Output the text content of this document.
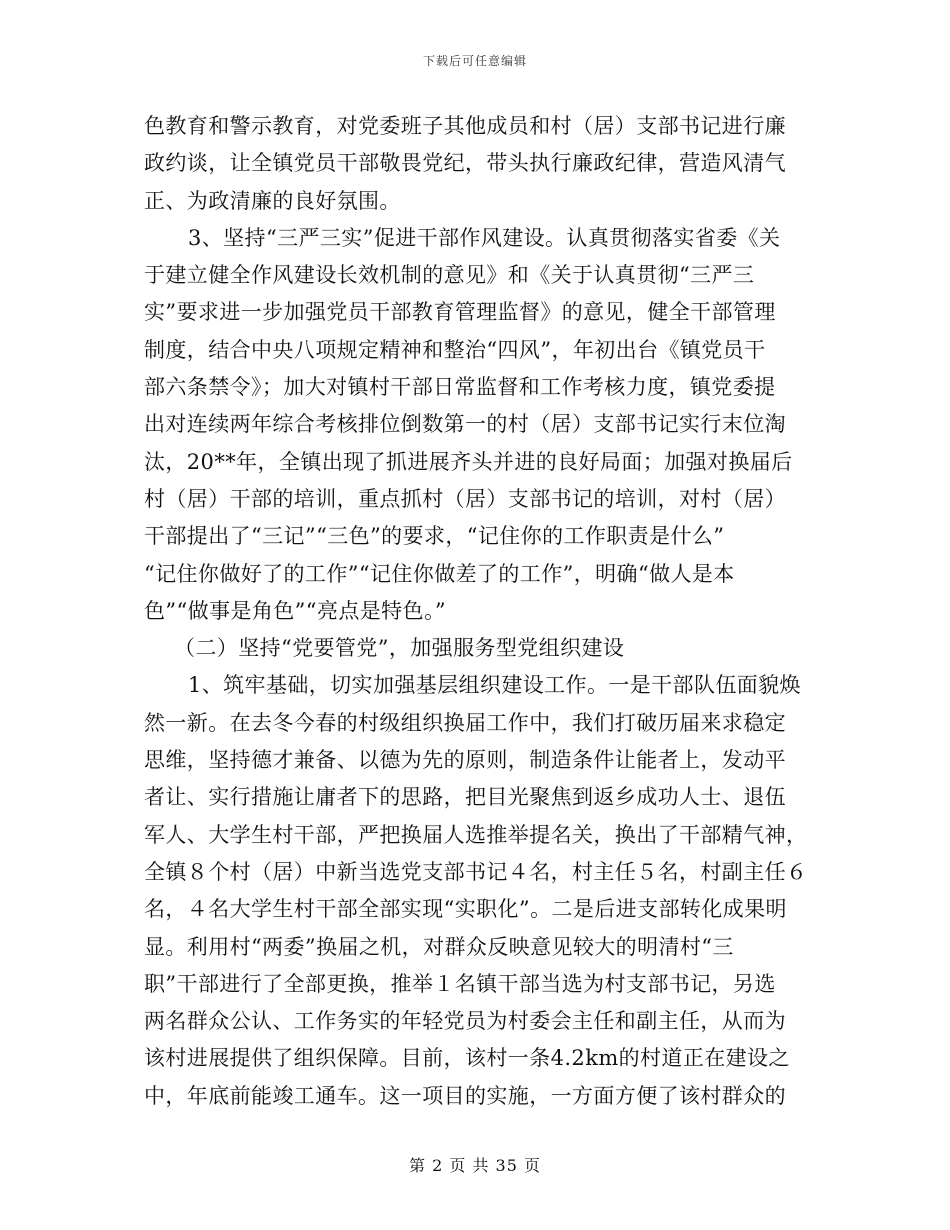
下载后可任意编辑
色教育和警示教育，对党委班子其他成员和村（居）支部书记进行廉
政约谈，让全镇党员干部敬畏党纪，带头执行廉政纪律，营造风清气
正、为政清廉的良好氛围。
3、坚持“三严三实”促进干部作风建设。认真贯彻落实省委《关
于建立健全作风建设长效机制的意见》和《关于认真贯彻“三严三
实”要求进一步加强党员干部教育管理监督》的意见，健全干部管理
制度，结合中央八项规定精神和整治“四风”，年初出台《镇党员干
部六条禁令》；加大对镇村干部日常监督和工作考核力度，镇党委提
出对连续两年综合考核排位倒数第一的村（居）支部书记实行末位淘
汰，20**年，全镇出现了抓进展齐头并进的良好局面；加强对换届后
村（居）干部的培训，重点抓村（居）支部书记的培训，对村（居）
干部提出了“三记”“三色”的要求，“记住你的工作职责是什么”
“记住你做好了的工作”“记住你做差了的工作”，明确“做人是本
色”“做事是角色”“亮点是特色。”
（二）坚持“党要管党”，加强服务型党组织建设
1、筑牢基础，切实加强基层组织建设工作。一是干部队伍面貌焕
然一新。在去冬今春的村级组织换届工作中，我们打破历届来求稳定
思维，坚持德才兼备、以德为先的原则，制造条件让能者上，发动平
者让、实行措施让庸者下的思路，把目光聚焦到返乡成功人士、退伍
军人、大学生村干部，严把换届人选推举提名关，换出了干部精气神，
全镇８个村（居）中新当选党支部书记４名，村主任５名，村副主任６
名，４名大学生村干部全部实现“实职化”。二是后进支部转化成果明
显。利用村“两委”换届之机，对群众反映意见较大的明清村“三
职”干部进行了全部更换，推举１名镇干部当选为村支部书记，另选
两名群众公认、工作务实的年轻党员为村委会主任和副主任，从而为
该村进展提供了组织保障。目前，该村一条4.2km的村道正在建设之
中，年底前能竣工通车。这一项目的实施，一方面方便了该村群众的
第 2 页 共 35 页
